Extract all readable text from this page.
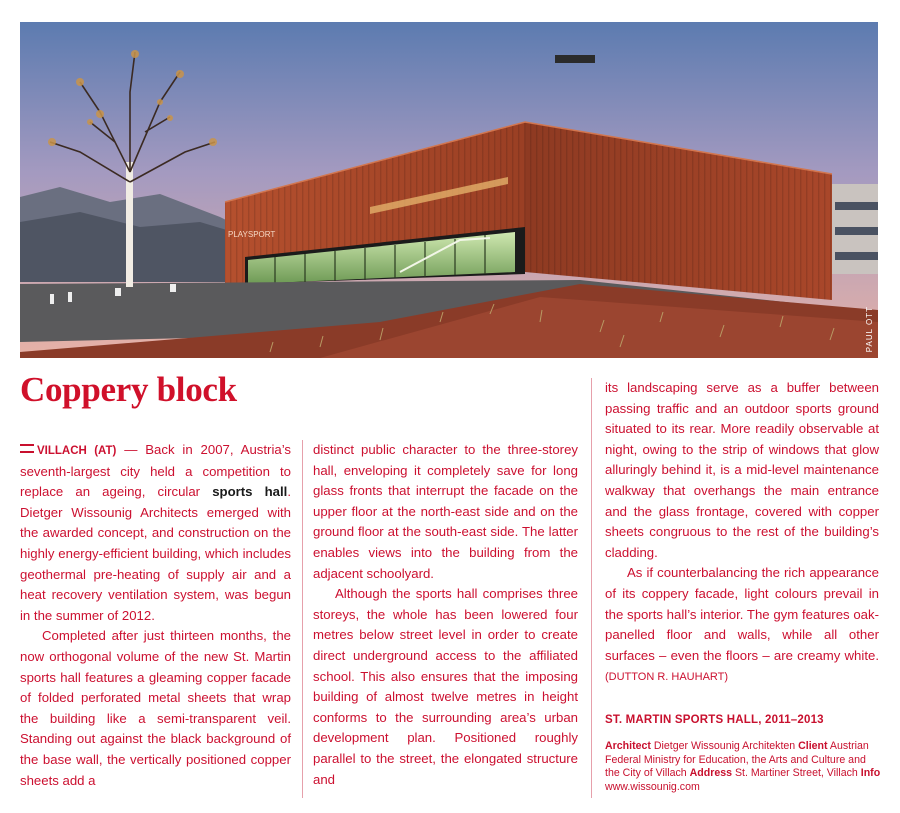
PLAYSPORT
PAUL OTT
Coppery block

VILLACH (AT) — Back in 2007, Austria’s seventh-largest city held a competition to replace an ageing, circular sports hall. Dietger Wissounig Architects emerged with the awarded concept, and construction on the highly energy-efficient building, which includes geothermal pre-heating of supply air and a heat recovery ventilation system, was begun in the summer of 2012.

Completed after just thirteen months, the now orthogonal volume of the new St. Martin sports hall features a gleaming copper facade of folded perforated metal sheets that wrap the building like a semi-transparent veil. Standing out against the black background of the base wall, the vertically positioned copper sheets add a

distinct public character to the three-storey hall, enveloping it completely save for long glass fronts that interrupt the facade on the upper floor at the north-east side and on the ground floor at the south-east side. The latter enables views into the building from the adjacent schoolyard.

Although the sports hall comprises three storeys, the whole has been lowered four metres below street level in order to create direct underground access to the affiliated school. This also ensures that the imposing building of almost twelve metres in height conforms to the surrounding area’s urban development plan. Positioned roughly parallel to the street, the elongated structure and

its landscaping serve as a buffer between passing traffic and an outdoor sports ground situated to its rear. More readily observable at night, owing to the strip of windows that glow alluringly behind it, is a mid-level maintenance walkway that overhangs the main entrance and the glass frontage, covered with copper sheets congruous to the rest of the building’s cladding.

As if counterbalancing the rich appearance of its coppery facade, light colours prevail in the sports hall’s interior. The gym features oak-panelled floor and walls, while all other surfaces – even the floors – are creamy white. (DUTTON R. HAUHART)

ST. MARTIN SPORTS HALL, 2011–2013
Architect Dietger Wissounig Architekten Client Austrian Federal Ministry for Education, the Arts and Culture and the City of Villach Address St. Martiner Street, Villach Info www.wissounig.com
